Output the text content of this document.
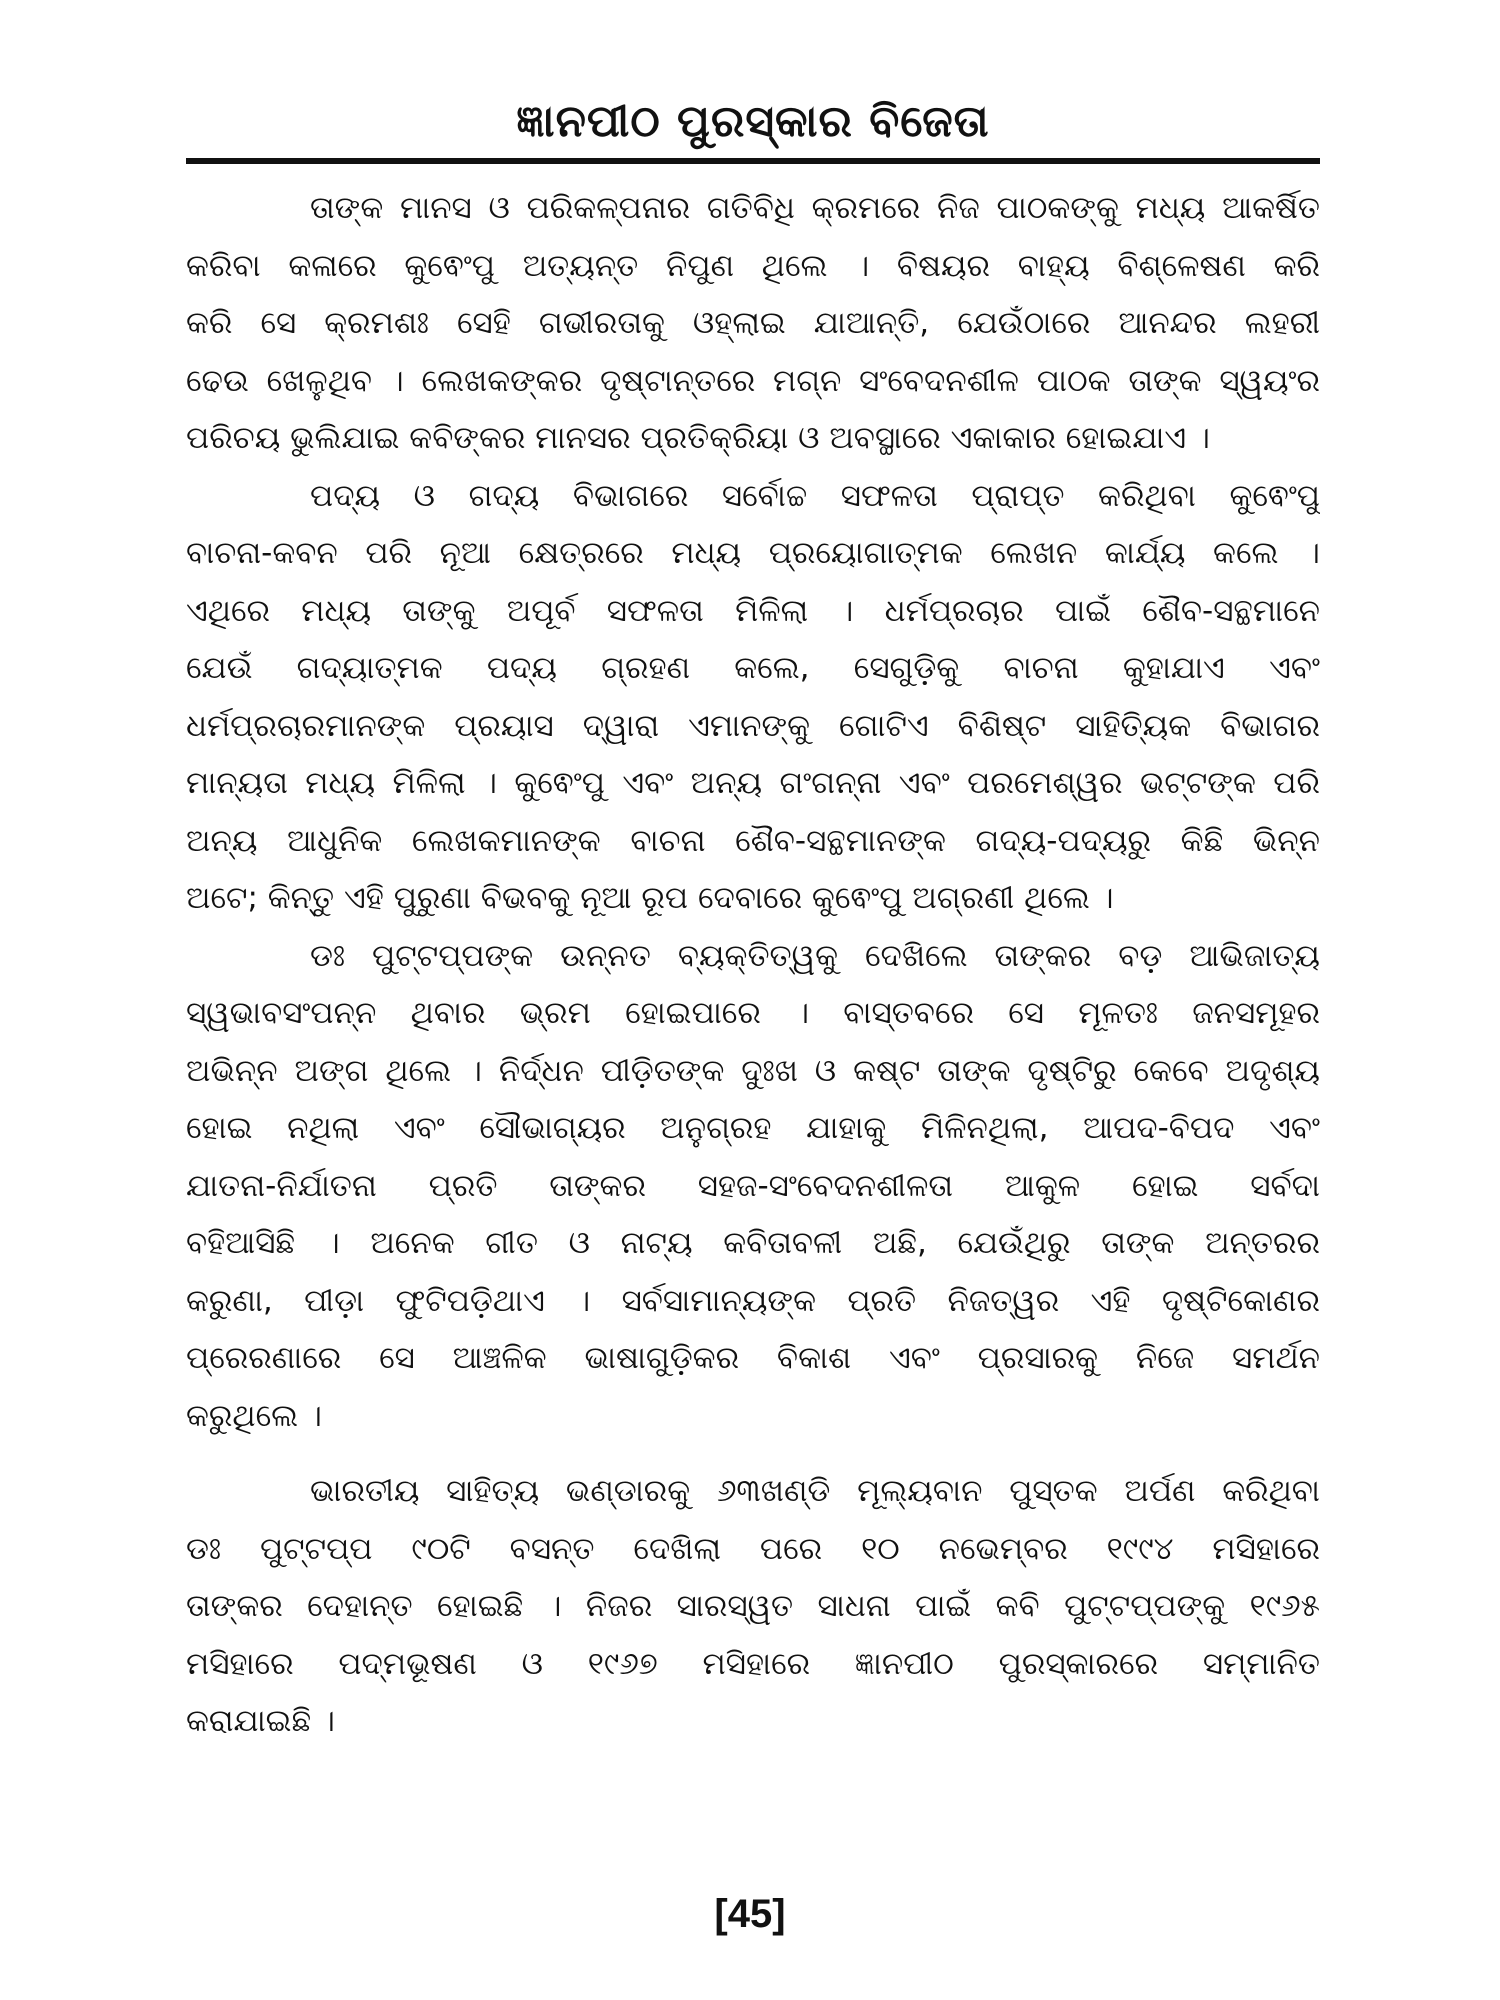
ଜ୍ଞାନପୀଠ ପୁରସ୍କାର ବିଜେତା
ତାଙ୍କ ମାନସ ଓ ପରିକଳ୍ପନାର ଗତିବିଧି କ୍ରମରେ ନିଜ ପାଠକଙ୍କୁ ମଧ୍ୟ ଆକର୍ଷିତ
କରିବା କଳାରେ କୁଵେଂପୁ ଅତ୍ୟନ୍ତ ନିପୁଣ ଥିଲେ । ବିଷୟର ବାହ୍ୟ ବିଶ୍ଳେଷଣ କରି
କରି ସେ କ୍ରମଶଃ ସେହି ଗଭୀରତାକୁ ଓହ୍ଲାଇ ଯାଆନ୍ତି, ଯେଉଁଠାରେ ଆନନ୍ଦର ଲହରୀ
ଢେଉ ଖେଳୁଥିବ । ଲେଖକଙ୍କର ଦୃଷ୍ଟାନ୍ତରେ ମଗ୍ନ ସଂବେଦନଶୀଳ ପାଠକ ତାଙ୍କ ସ୍ୱୟଂର
ପରିଚୟ ଭୁଲିଯାଇ କବିଙ୍କର ମାନସର ପ୍ରତିକ୍ରିୟା ଓ ଅବସ୍ଥାରେ ଏକାକାର ହୋଇଯାଏ ।
ପଦ୍ୟ ଓ ଗଦ୍ୟ ବିଭାଗରେ ସର୍ବୋଚ୍ଚ ସଫଳତା ପ୍ରାପ୍ତ କରିଥିବା କୁଵେଂପୁ
ବାଚନା-କବନ ପରି ନୂଆ କ୍ଷେତ୍ରରେ ମଧ୍ୟ ପ୍ରୟୋଗାତ୍ମକ ଲେଖନ କାର୍ଯ୍ୟ କଲେ ।
ଏଥିରେ ମଧ୍ୟ ତାଙ୍କୁ ଅପୂର୍ବ ସଫଳତା ମିଳିଲା । ଧର୍ମପ୍ରଚାର ପାଇଁ ଶୈବ-ସନ୍ଥମାନେ
ଯେଉଁ ଗଦ୍ୟାତ୍ମକ ପଦ୍ୟ ଗ୍ରହଣ କଲେ, ସେଗୁଡ଼ିକୁ ବାଚନା କୁହାଯାଏ ଏବଂ
ଧର୍ମପ୍ରଚାରମାନଙ୍କ ପ୍ରୟାସ ଦ୍ୱାରା ଏମାନଙ୍କୁ ଗୋଟିଏ ବିଶିଷ୍ଟ ସାହିତ୍ୟିକ ବିଭାଗର
ମାନ୍ୟତା ମଧ୍ୟ ମିଳିଲା । କୁଵେଂପୁ ଏବଂ ଅନ୍ୟ ଗଂଗନ୍ନା ଏବଂ ପରମେଶ୍ୱର ଭଟ୍ଟଙ୍କ ପରି
ଅନ୍ୟ ଆଧୁନିକ ଲେଖକମାନଙ୍କ ବାଚନା ଶୈବ-ସନ୍ଥମାନଙ୍କ ଗଦ୍ୟ-ପଦ୍ୟରୁ କିଛି ଭିନ୍ନ
ଅଟେ; କିନ୍ତୁ ଏହି ପୁରୁଣା ବିଭବକୁ ନୂଆ ରୂପ ଦେବାରେ କୁଵେଂପୁ ଅଗ୍ରଣୀ ଥିଲେ ।
ଡଃ ପୁଟ୍ଟପ୍ପଙ୍କ ଉନ୍ନତ ବ୍ୟକ୍ତିତ୍ୱକୁ ଦେଖିଲେ ତାଙ୍କର ବଡ଼ ଆଭିଜାତ୍ୟ
ସ୍ୱଭାବସଂପନ୍ନ ଥିବାର ଭ୍ରମ ହୋଇପାରେ । ବାସ୍ତବରେ ସେ ମୂଳତଃ ଜନସମୂହର
ଅଭିନ୍ନ ଅଙ୍ଗ ଥିଲେ । ନିର୍ଦ୍ଧନ ପୀଡ଼ିତଙ୍କ ଦୁଃଖ ଓ କଷ୍ଟ ତାଙ୍କ ଦୃଷ୍ଟିରୁ କେବେ ଅଦୃଶ୍ୟ
ହୋଇ ନଥିଲା ଏବଂ ସୌଭାଗ୍ୟର ଅନୁଗ୍ରହ ଯାହାକୁ ମିଳିନଥିଲା, ଆପଦ-ବିପଦ ଏବଂ
ଯାତନା-ନିର୍ଯାତନା ପ୍ରତି ତାଙ୍କର ସହଜ-ସଂବେଦନଶୀଳତା ଆକୁଳ ହୋଇ ସର୍ବଦା
ବହିଆସିଛି । ଅନେକ ଗୀତ ଓ ନାଟ୍ୟ କବିତାବଳୀ ଅଛି, ଯେଉଁଥିରୁ ତାଙ୍କ ଅନ୍ତରର
କରୁଣା, ପୀଡ଼ା ଫୁଟିପଡ଼ିଥାଏ । ସର୍ବସାମାନ୍ୟଙ୍କ ପ୍ରତି ନିଜତ୍ୱର ଏହି ଦୃଷ୍ଟିକୋଣର
ପ୍ରେରଣାରେ ସେ ଆଞ୍ଚଳିକ ଭାଷାଗୁଡ଼ିକର ବିକାଶ ଏବଂ ପ୍ରସାରକୁ ନିଜେ ସମର୍ଥନ
କରୁଥିଲେ ।
ଭାରତୀୟ ସାହିତ୍ୟ ଭଣ୍ଡାରକୁ ୬୩ଖଣ୍ଡି ମୂଲ୍ୟବାନ ପୁସ୍ତକ ଅର୍ପଣ କରିଥିବା
ଡଃ ପୁଟ୍‌ଟପ୍ପ ୯୦ଟି ବସନ୍ତ ଦେଖିଲା ପରେ ୧୦ ନଭେମ୍ବର ୧୯୯୪ ମସିହାରେ
ତାଙ୍କର ଦେହାନ୍ତ ହୋଇଛି । ନିଜର ସାରସ୍ୱତ ସାଧନା ପାଇଁ କବି ପୁଟ୍‌ଟପ୍ପଙ୍କୁ ୧୯୬୫
ମସିହାରେ ପଦ୍ମଭୂଷଣ ଓ ୧୯୬୭ ମସିହାରେ ଜ୍ଞାନପୀଠ ପୁରସ୍କାରରେ ସମ୍ମାନିତ
କରାଯାଇଛି ।
[45]
